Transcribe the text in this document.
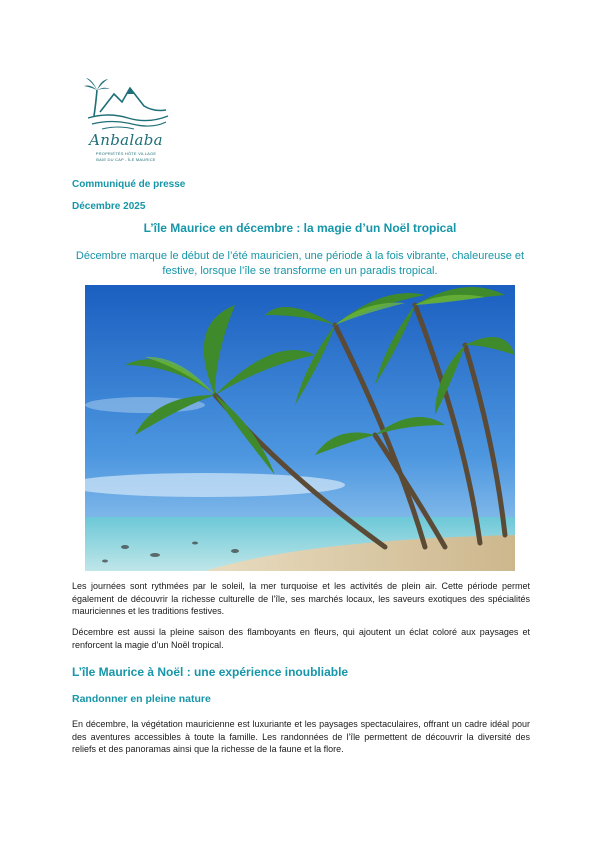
Anbalaba
PROPRIÉTÉS HÔTE VILLAGE
BAIE DU CAP - ÎLE MAURICE
Communiqué de presse
Décembre 2025
L’île Maurice en décembre : la magie d’un Noël tropical
Décembre marque le début de l’été mauricien, une période à la fois vibrante, chaleureuse et festive, lorsque l’île se transforme en un paradis tropical.
Les journées sont rythmées par le soleil, la mer turquoise et les activités de plein air. Cette période permet également de découvrir la richesse culturelle de l’île, ses marchés locaux, les saveurs exotiques des spécialités mauriciennes et les traditions festives.
Décembre est aussi la pleine saison des flamboyants en fleurs, qui ajoutent un éclat coloré aux paysages et renforcent la magie d’un Noël tropical.
L’île Maurice à Noël : une expérience inoubliable
Randonner en pleine nature
En décembre, la végétation mauricienne est luxuriante et les paysages spectaculaires, offrant un cadre idéal pour des aventures accessibles à toute la famille. Les randonnées de l’île permettent de découvrir la diversité des reliefs et des panoramas ainsi que la richesse de la faune et la flore.
